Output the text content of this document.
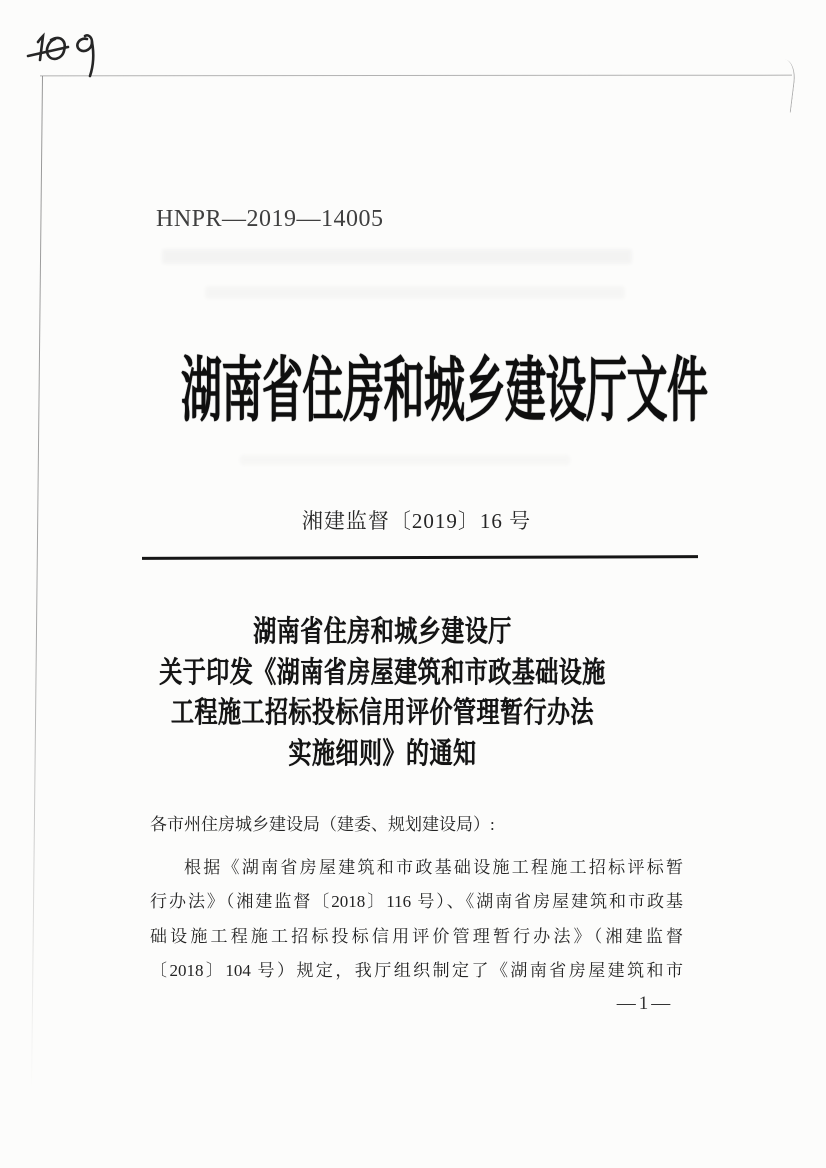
HNPR—2019—14005
湖南省住房和城乡建设厅文件
湘建监督〔2019〕16 号
湖南省住房和城乡建设厅
关于印发《湖南省房屋建筑和市政基础设施
工程施工招标投标信用评价管理暂行办法
实施细则》的通知
各市州住房城乡建设局（建委、规划建设局）:
根据《湖南省房屋建筑和市政基础设施工程施工招标评标暂
行办法》（湘建监督〔2018〕116 号）、《湖南省房屋建筑和市政基
础设施工程施工招标投标信用评价管理暂行办法》（湘建监督
〔2018〕104 号）规定，我厅组织制定了《湖南省房屋建筑和市
—1—
